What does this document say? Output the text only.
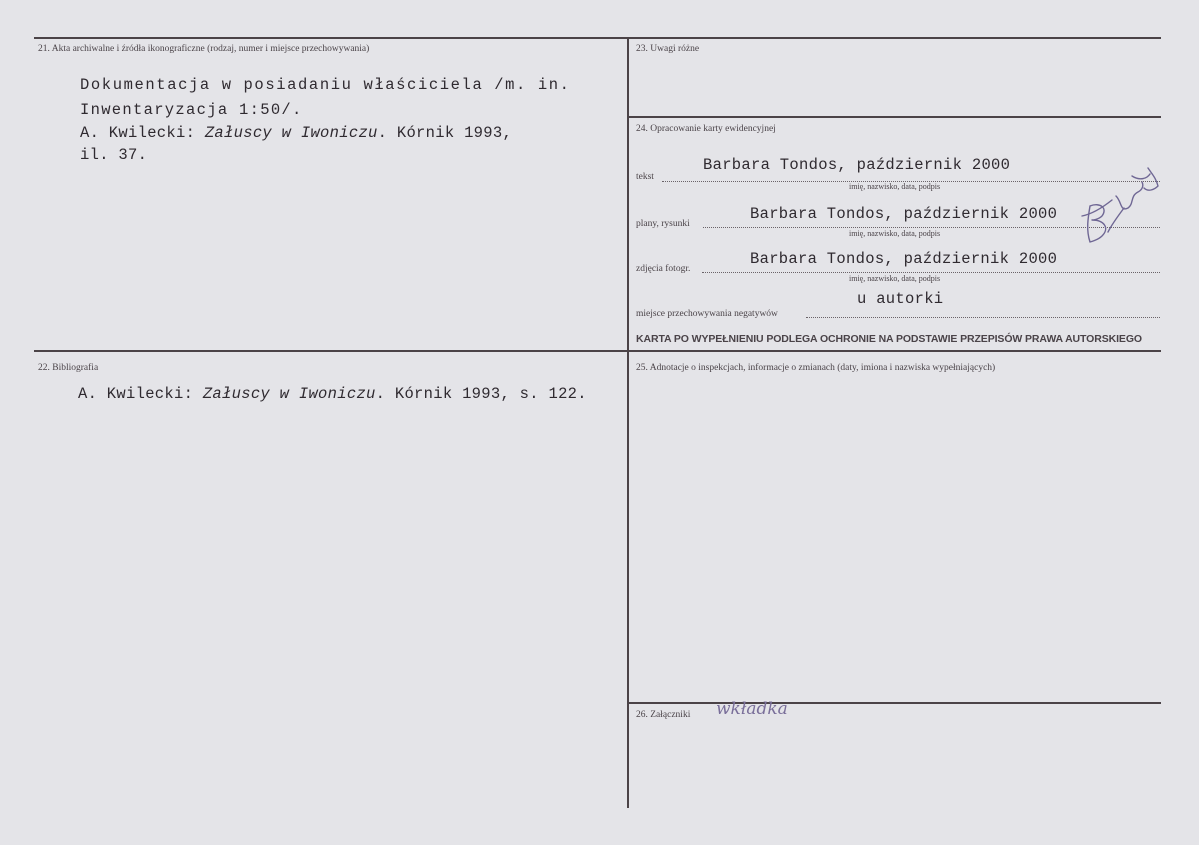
21. Akta archiwalne i źródła ikonograficzne (rodzaj, numer i miejsce przechowywania)
Dokumentacja w posiadaniu właściciela /m. in.
Inwentaryzacja 1:50/.
A. Kwilecki: Załuscy w Iwoniczu. Kórnik 1993,
il. 37.
22. Bibliografia
A. Kwilecki: Załuscy w Iwoniczu. Kórnik 1993, s. 122.
23. Uwagi różne
24. Opracowanie karty ewidencyjnej
Barbara Tondos, październik 2000
tekst
imię, nazwisko, data, podpis
Barbara Tondos, październik 2000
plany, rysunki
imię, nazwisko, data, podpis
Barbara Tondos, październik 2000
zdjęcia fotogr.
imię, nazwisko, data, podpis
u autorki
miejsce przechowywania negatywów
KARTA PO WYPEŁNIENIU PODLEGA OCHRONIE NA PODSTAWIE PRZEPISÓW PRAWA AUTORSKIEGO
25. Adnotacje o inspekcjach, informacje o zmianach (daty, imiona i nazwiska wypełniających)
26. Załączniki wkładka
